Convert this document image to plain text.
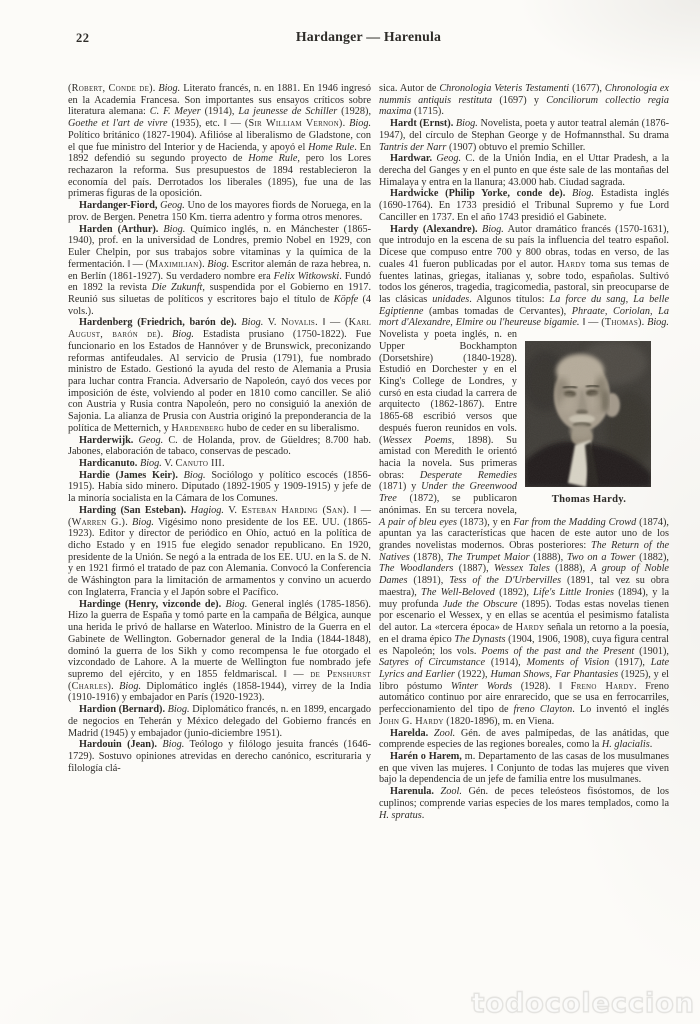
22	Hardanger — Harenula

(Robert, Conde de). Biog. Literato francés, n. en 1881. En 1946 ingresó en la Academia Francesa. Son importantes sus ensayos críticos sobre literatura alemana: C. F. Meyer (1914), La jeunesse de Schiller (1928), Goethe et l'art de vivre (1935), etc. ‖ — (Sir William Vernon). Biog. Político británico (1827-1904). Afilióse al liberalismo de Gladstone, con el que fue ministro del Interior y de Hacienda, y apoyó el Home Rule. En 1892 defendió su segundo proyecto de Home Rule, pero los Lores rechazaron la reforma. Sus presupuestos de 1894 restablecieron la economía del país. Derrotados los liberales (1895), fue una de las primeras figuras de la oposición.

Hardanger-Fiord, Geog. Uno de los mayores fiords de Noruega, en la prov. de Bergen. Penetra 150 Km. tierra adentro y forma otros menores.

Harden (Arthur). Biog. Químico inglés, n. en Mánchester (1865-1940), prof. en la universidad de Londres, premio Nobel en 1929, con Euler Chelpin, por sus trabajos sobre vitaminas y la química de la fermentación. ‖ — (Maximilian). Biog. Escritor alemán de raza hebrea, n. en Berlín (1861-1927). Su verdadero nombre era Felix Witkowski. Fundó en 1892 la revista Die Zukunft, suspendida por el Gobierno en 1917. Reunió sus siluetas de políticos y escritores bajo el título de Köpfe (4 vols.).

Hardenberg (Friedrich, barón de). Biog. V. Novalis. ‖ — (Karl August, barón de). Biog. Estadista prusiano (1750-1822). Fue funcionario en los Estados de Hannóver y de Brunswick, preconizando reformas antifeudales. Al servicio de Prusia (1791), fue nombrado ministro de Estado. Gestionó la ayuda del resto de Alemania a Prusia para luchar contra Francia. Adversario de Napoleón, cayó dos veces por imposición de éste, volviendo al poder en 1810 como canciller. Se alió con Austria y Rusia contra Napoleón, pero no consiguió la anexión de Sajonia. La alianza de Prusia con Austria originó la preponderancia de la política de Metternich, y Hardenberg hubo de ceder en su liberalismo.

Harderwijk. Geog. C. de Holanda, prov. de Güeldres; 8.700 hab. Jabones, elaboración de tabaco, conservas de pescado.

Hardicanuto. Biog. V. Canuto III.

Hardie (James Keir). Biog. Sociólogo y político escocés (1856-1915). Había sido minero. Diputado (1892-1905 y 1909-1915) y jefe de la minoría socialista en la Cámara de los Comunes.

Harding (San Esteban). Hagiog. V. Esteban Harding (San). ‖ — (Warren G.). Biog. Vigésimo nono presidente de los EE. UU. (1865-1923). Editor y director de periódico en Ohío, actuó en la política de dicho Estado y en 1915 fue elegido senador republicano. En 1920, presidente de la Unión. Se negó a la entrada de los EE. UU. en la S. de N. y en 1921 firmó el tratado de paz con Alemania. Convocó la Conferencia de Wáshington para la limitación de armamentos y convino un acuerdo con Inglaterra, Francia y el Japón sobre el Pacífico.

Hardinge (Henry, vizconde de). Biog. General inglés (1785-1856). Hizo la guerra de España y tomó parte en la campaña de Bélgica, aunque una herida le privó de hallarse en Waterloo. Ministro de la Guerra en el Gabinete de Wellington. Gobernador general de la India (1844-1848), dominó la guerra de los Sikh y como recompensa le fue otorgado el vizcondado de Lahore. A la muerte de Wellington fue nombrado jefe supremo del ejército, y en 1855 feldmariscal. ‖ — de Penshurst (Charles). Biog. Diplomático inglés (1858-1944), virrey de la India (1910-1916) y embajador en París (1920-1923).

Hardion (Bernard). Biog. Diplomático francés, n. en 1899, encargado de negocios en Teherán y México delegado del Gobierno francés en Madrid (1945) y embajador (junio-diciembre 1951).

Hardouin (Jean). Biog. Teólogo y filólogo jesuita francés (1646-1729). Sostuvo opiniones atrevidas en derecho canónico, escrituraria y filología clá-

sica. Autor de Chronologia Veteris Testamenti (1677), Chronologia ex nummis antiquis restituta (1697) y Conciliorum collectio regia maxima (1715).

Hardt (Ernst). Biog. Novelista, poeta y autor teatral alemán (1876-1947), del círculo de Stephan George y de Hofmannsthal. Su drama Tantris der Narr (1907) obtuvo el premio Schiller.

Hardwar. Geog. C. de la Unión India, en el Uttar Pradesh, a la derecha del Ganges y en el punto en que éste sale de las montañas del Himalaya y entra en la llanura; 43.000 hab. Ciudad sagrada.

Hardwicke (Philip Yorke, conde de). Biog. Estadista inglés (1690-1764). En 1733 presidió el Tribunal Supremo y fue Lord Canciller en 1737. En el año 1743 presidió el Gabinete.

Hardy (Alexandre). Biog. Autor dramático francés (1570-1631), que introdujo en la escena de su país la influencia del teatro español. Dícese que compuso entre 700 y 800 obras, todas en verso, de las cuales 41 fueron publicadas por el autor. Hardy toma sus temas de fuentes latinas, griegas, italianas y, sobre todo, españolas. Sultivó todos los géneros, tragedia, tragicomedia, pastoral, sin preocuparse de las clásicas unidades. Algunos títulos: La force du sang, La belle Egiptienne (ambas tomadas de Cervantes), Phraate, Coriolan, La mort d'Alexandre, Elmire ou l'heureuse bigamie. ‖ — (Thomas). Biog. Novelista
Thomas Hardy.
y poeta inglés, n. en Upper Bockhampton (Dorsetshire) (1840-1928). Estudió en Dorchester y en el King's College de Londres, y cursó en esta ciudad la carrera de arquitecto (1862-1867). Entre 1865-68 escribió versos que después fueron reunidos en vols. (Wessex Poems, 1898). Su amistad con Meredith le orientó hacia la novela. Sus primeras obras: Desperate Remedies (1871) y Under the Greenwood Tree (1872), se publicaron anónimas. En su tercera novela, A pair of bleu eyes (1873), y en Far from the Madding Crowd (1874), apuntan ya las características que hacen de este autor uno de los grandes novelistas modernos. Obras posteriores: The Return of the Natives (1878), The Trumpet Maior (1888), Two on a Tower (1882), The Woodlanders (1887), Wessex Tales (1888), A group of Noble Dames (1891), Tess of the D'Urbervilles (1891, tal vez su obra maestra), The Well-Beloved (1892), Life's Little Ironies (1894), y la muy profunda Jude the Obscure (1895). Todas estas novelas tienen por escenario el Wessex, y en ellas se acentúa el pesimismo fatalista del autor. La «tercera época» de Hardy señala un retorno a la poesía, en el drama épico The Dynasts (1904, 1906, 1908), cuya figura central es Napoleón; los vols. Poems of the past and the Present (1901), Satyres of Circumstance (1914), Moments of Vision (1917), Late Lyrics and Earlier (1922), Human Shows, Far Phantasies (1925), y el libro póstumo Winter Words (1928). ‖ Freno Hardy. Freno automático continuo por aire enrarecido, que se usa en ferrocarriles, perfeccionamiento del tipo de freno Clayton. Lo inventó el inglés John G. Hardy (1820-1896), m. en Viena.

Harelda. Zool. Gén. de aves palmípedas, de las anátidas, que comprende especies de las regiones boreales, como la H. glacialis.

Harén o Harem, m. Departamento de las casas de los musulmanes en que viven las mujeres. ‖ Conjunto de todas las mujeres que viven bajo la dependencia de un jefe de familia entre los musulmanes.

Harenula. Zool. Gén. de peces teleósteos fisóstomos, de los cuplinos; comprende varias especies de los mares templados, como la H. spratus.

todocoleccion
